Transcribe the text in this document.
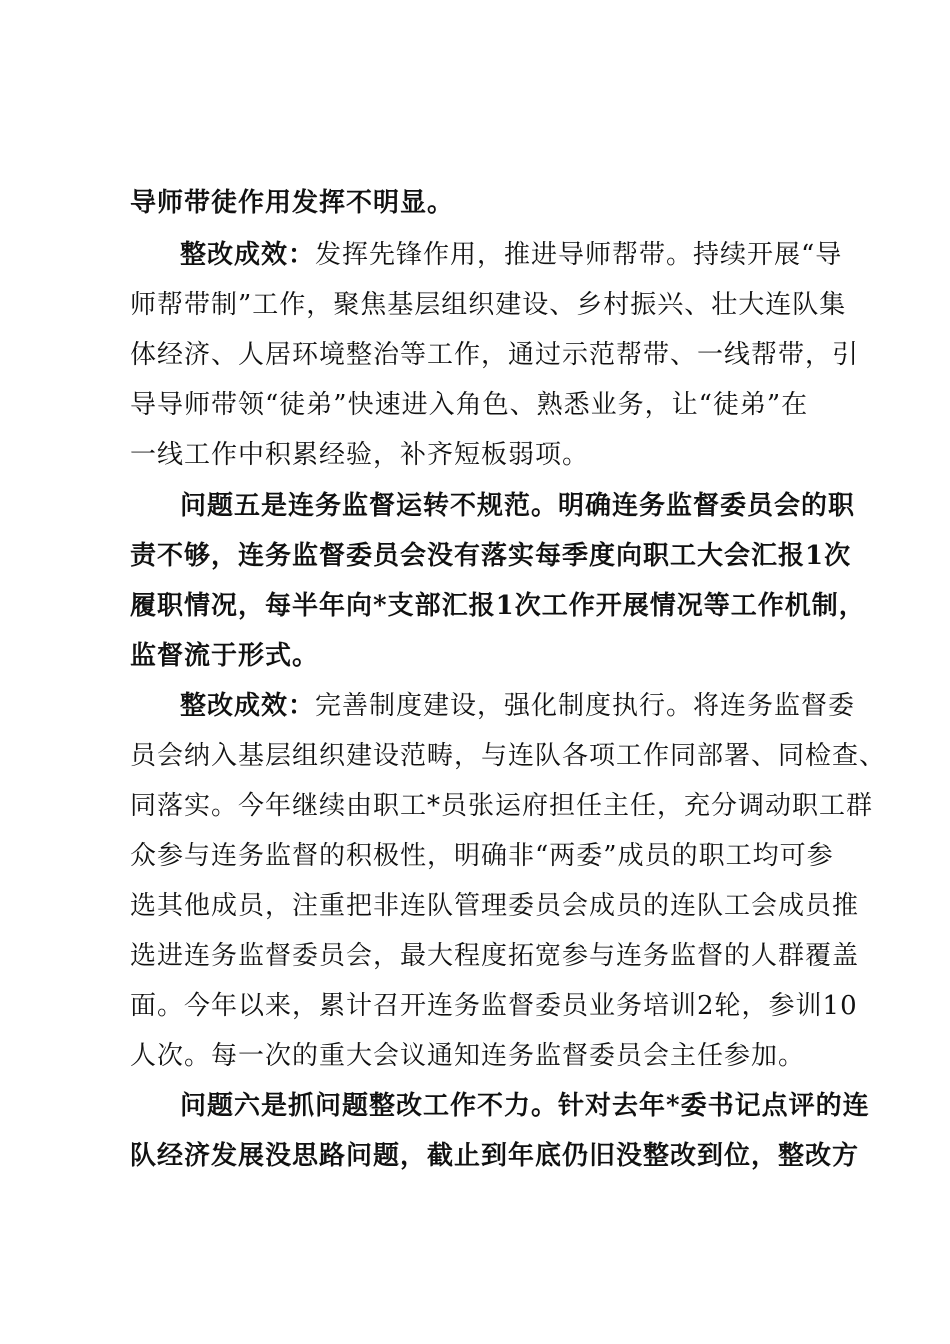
导师带徒作用发挥不明显。
整改成效：发挥先锋作用，推进导师帮带。持续开展“导
师帮带制”工作，聚焦基层组织建设、乡村振兴、壮大连队集
体经济、人居环境整治等工作，通过示范帮带、一线帮带，引
导导师带领“徒弟”快速进入角色、熟悉业务，让“徒弟”在
一线工作中积累经验，补齐短板弱项。
问题五是连务监督运转不规范。明确连务监督委员会的职
责不够，连务监督委员会没有落实每季度向职工大会汇报1次
履职情况，每半年向*支部汇报1次工作开展情况等工作机制，
监督流于形式。
整改成效：完善制度建设，强化制度执行。将连务监督委
员会纳入基层组织建设范畴，与连队各项工作同部署、同检查、
同落实。今年继续由职工*员张运府担任主任，充分调动职工群
众参与连务监督的积极性，明确非“两委”成员的职工均可参
选其他成员，注重把非连队管理委员会成员的连队工会成员推
选进连务监督委员会，最大程度拓宽参与连务监督的人群覆盖
面。今年以来，累计召开连务监督委员业务培训2轮，参训10
人次。每一次的重大会议通知连务监督委员会主任参加。
问题六是抓问题整改工作不力。针对去年*委书记点评的连
队经济发展没思路问题，截止到年底仍旧没整改到位，整改方
